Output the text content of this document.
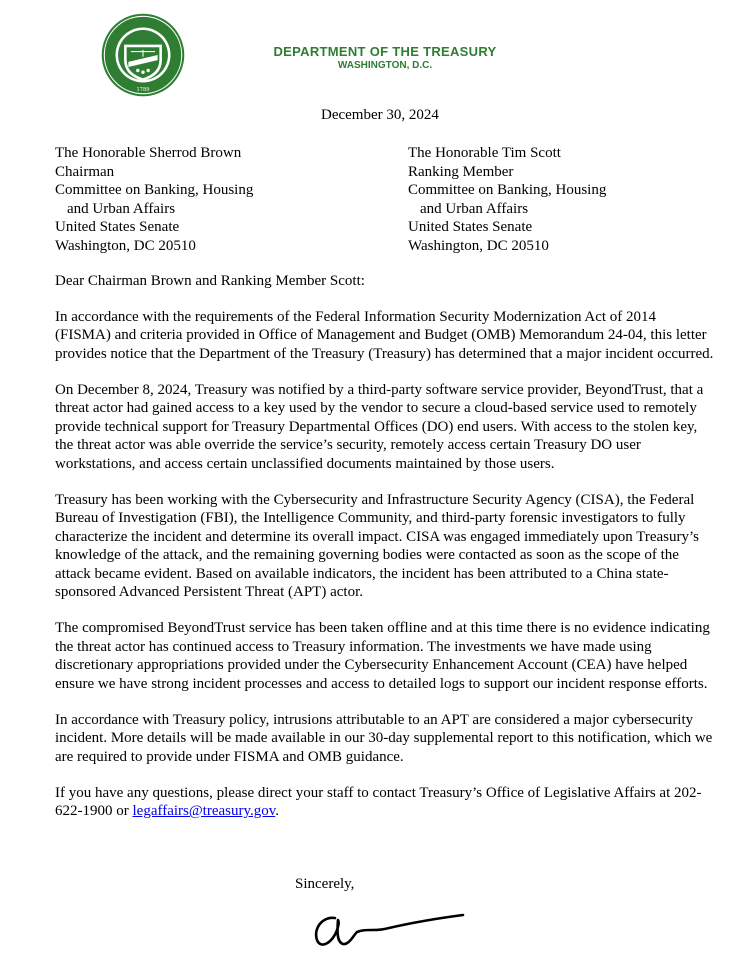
1789
DEPARTMENT OF THE TREASURY
WASHINGTON, D.C.
December 30, 2024
The Honorable Sherrod Brown
Chairman
Committee on Banking, Housing
and Urban Affairs
United States Senate
Washington, DC 20510
The Honorable Tim Scott
Ranking Member
Committee on Banking, Housing
and Urban Affairs
United States Senate
Washington, DC 20510

Dear Chairman Brown and Ranking Member Scott:

In accordance with the requirements of the Federal Information Security Modernization Act of 2014 (FISMA) and criteria provided in Office of Management and Budget (OMB) Memorandum 24-04, this letter provides notice that the Department of the Treasury (Treasury) has determined that a major incident occurred.

On December 8, 2024, Treasury was notified by a third-party software service provider, BeyondTrust, that a threat actor had gained access to a key used by the vendor to secure a cloud-based service used to remotely provide technical support for Treasury Departmental Offices (DO) end users. With access to the stolen key, the threat actor was able override the service’s security, remotely access certain Treasury DO user workstations, and access certain unclassified documents maintained by those users.

Treasury has been working with the Cybersecurity and Infrastructure Security Agency (CISA), the Federal Bureau of Investigation (FBI), the Intelligence Community, and third-party forensic investigators to fully characterize the incident and determine its overall impact. CISA was engaged immediately upon Treasury’s knowledge of the attack, and the remaining governing bodies were contacted as soon as the scope of the attack became evident. Based on available indicators, the incident has been attributed to a China state-sponsored Advanced Persistent Threat (APT) actor.

The compromised BeyondTrust service has been taken offline and at this time there is no evidence indicating the threat actor has continued access to Treasury information. The investments we have made using discretionary appropriations provided under the Cybersecurity Enhancement Account (CEA) have helped ensure we have strong incident processes and access to detailed logs to support our incident response efforts.

In accordance with Treasury policy, intrusions attributable to an APT are considered a major cybersecurity incident. More details will be made available in our 30-day supplemental report to this notification, which we are required to provide under FISMA and OMB guidance.

If you have any questions, please direct your staff to contact Treasury’s Office of Legislative Affairs at 202-622-1900 or legaffairs@treasury.gov.

Sincerely,
